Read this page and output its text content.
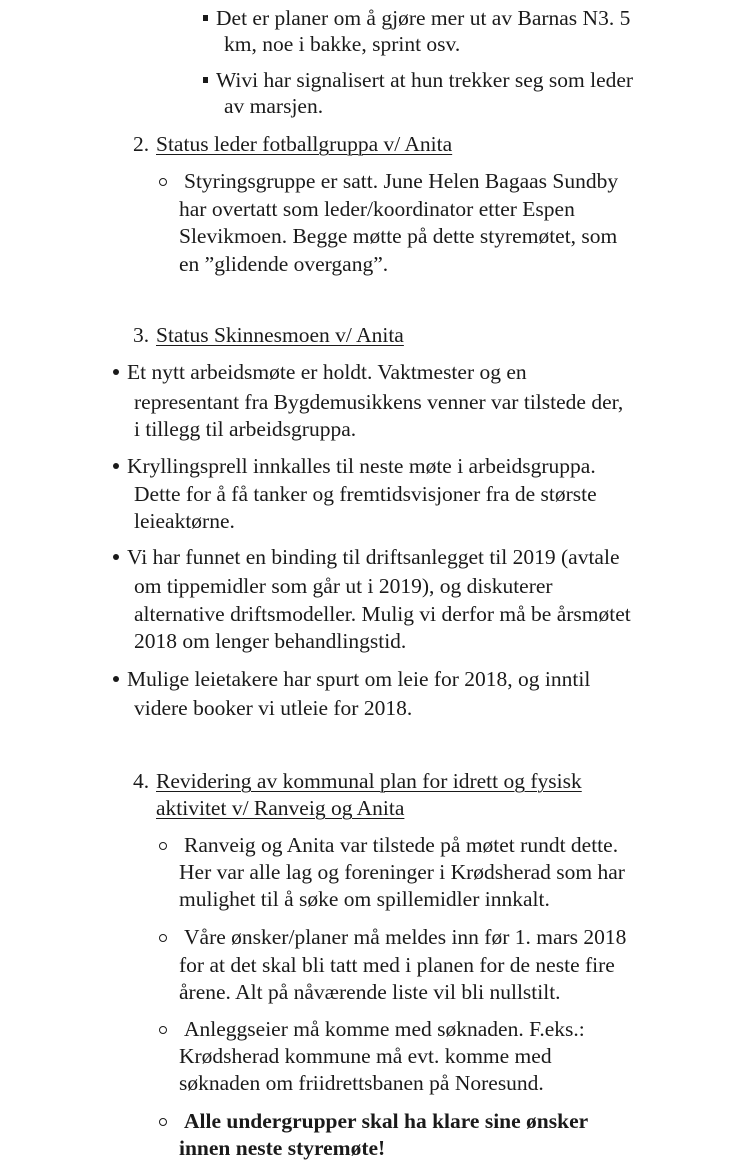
Det er planer om å gjøre mer ut av Barnas N3. 5
km, noe i bakke, sprint osv.
Wivi har signalisert at hun trekker seg som leder
av marsjen.
2. Status leder fotballgruppa v/ Anita
Styringsgruppe er satt. June Helen Bagaas Sundby
har overtatt som leder/koordinator etter Espen
Slevikmoen. Begge møtte på dette styremøtet, som
en ”glidende overgang”.
3. Status Skinnesmoen v/ Anita
Et nytt arbeidsmøte er holdt. Vaktmester og en
representant fra Bygdemusikkens venner var tilstede der,
i tillegg til arbeidsgruppa.
Kryllingsprell innkalles til neste møte i arbeidsgruppa.
Dette for å få tanker og fremtidsvisjoner fra de største
leieaktørne.
Vi har funnet en binding til driftsanlegget til 2019 (avtale
om tippemidler som går ut i 2019), og diskuterer
alternative driftsmodeller. Mulig vi derfor må be årsmøtet
2018 om lenger behandlingstid.
Mulige leietakere har spurt om leie for 2018, og inntil
videre booker vi utleie for 2018.
4. Revidering av kommunal plan for idrett og fysisk
aktivitet v/ Ranveig og Anita
Ranveig og Anita var tilstede på møtet rundt dette.
Her var alle lag og foreninger i Krødsherad som har
mulighet til å søke om spillemidler innkalt.
Våre ønsker/planer må meldes inn før 1. mars 2018
for at det skal bli tatt med i planen for de neste fire
årene. Alt på nåværende liste vil bli nullstilt.
Anleggseier må komme med søknaden. F.eks.:
Krødsherad kommune må evt. komme med
søknaden om friidrettsbanen på Noresund.
Alle undergrupper skal ha klare sine ønsker
innen neste styremøte!
